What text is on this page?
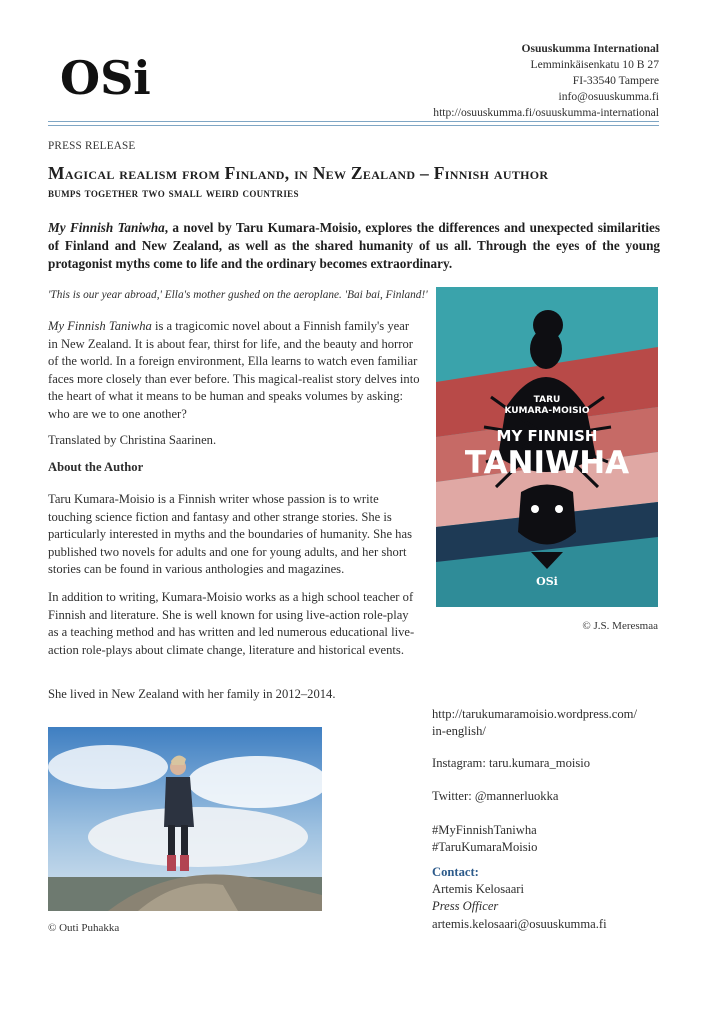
OSi
Osuuskumma International
Lemminkäisenkatu 10 B 27
FI-33540 Tampere
info@osuuskumma.fi
http://osuuskumma.fi/osuuskumma-international
PRESS RELEASE
Magical realism from Finland, in New Zealand – Finnish author
bumps together two small weird countries
My Finnish Taniwha, a novel by Taru Kumara-Moisio, explores the differences and unexpected similarities of Finland and New Zealand, as well as the shared humanity of us all. Through the eyes of the young protagonist myths come to life and the ordinary becomes extraordinary.
'This is our year abroad,' Ella's mother gushed on the aeroplane. 'Bai bai, Finland!'
My Finnish Taniwha is a tragicomic novel about a Finnish family's year in New Zealand. It is about fear, thirst for life, and the beauty and horror of the world. In a foreign environment, Ella learns to watch even familiar faces more closely than ever before. This magical-realist story delves into the heart of what it means to be human and speaks volumes by asking: who are we to one another?
Translated by Christina Saarinen.
About the Author
Taru Kumara-Moisio is a Finnish writer whose passion is to write touching science fiction and fantasy and other strange stories. She is particularly interested in myths and the boundaries of humanity. She has published two novels for adults and one for young adults, and her short stories can be found in various anthologies and magazines.
In addition to writing, Kumara-Moisio works as a high school teacher of Finnish and literature. She is well known for using live-action role-play as a teaching method and has written and led numerous educational live-action role-plays about climate change, literature and historical events.
She lived in New Zealand with her family in 2012–2014.
TARU
KUMARA-MOISIO
MY FINNISH
TANIWHA
OSi
© J.S. Meresmaa
© Outi Puhakka
http://tarukumaramoisio.wordpress.com/
in-english/
Instagram: taru.kumara_moisio
Twitter: @mannerluokka
#MyFinnishTaniwha
#TaruKumaraMoisio
Contact:
Artemis Kelosaari
Press Officer
artemis.kelosaari@osuuskumma.fi
